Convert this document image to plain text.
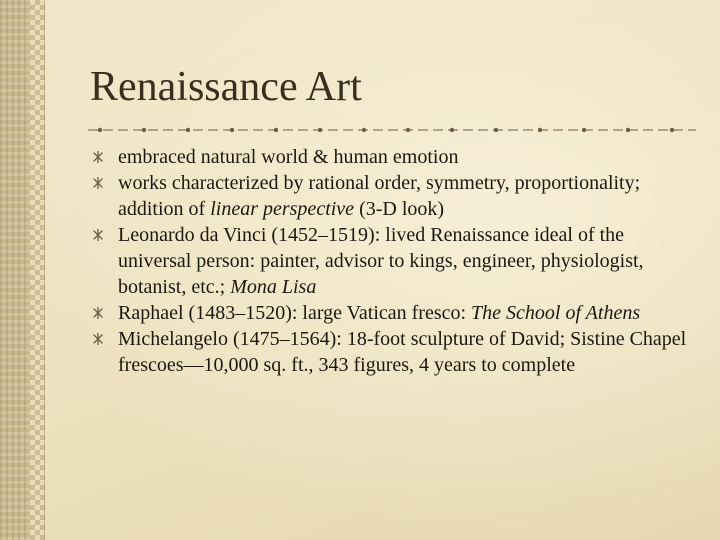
Renaissance Art
embraced natural world & human emotion
works characterized by rational order, symmetry, proportionality; addition of linear perspective (3-D look)
Leonardo da Vinci (1452–1519): lived Renaissance ideal of the universal person: painter, advisor to kings, engineer, physiologist, botanist, etc.; Mona Lisa
Raphael (1483–1520): large Vatican fresco: The School of Athens
Michelangelo (1475–1564): 18-foot sculpture of David; Sistine Chapel frescoes—10,000 sq. ft., 343 figures, 4 years to complete
